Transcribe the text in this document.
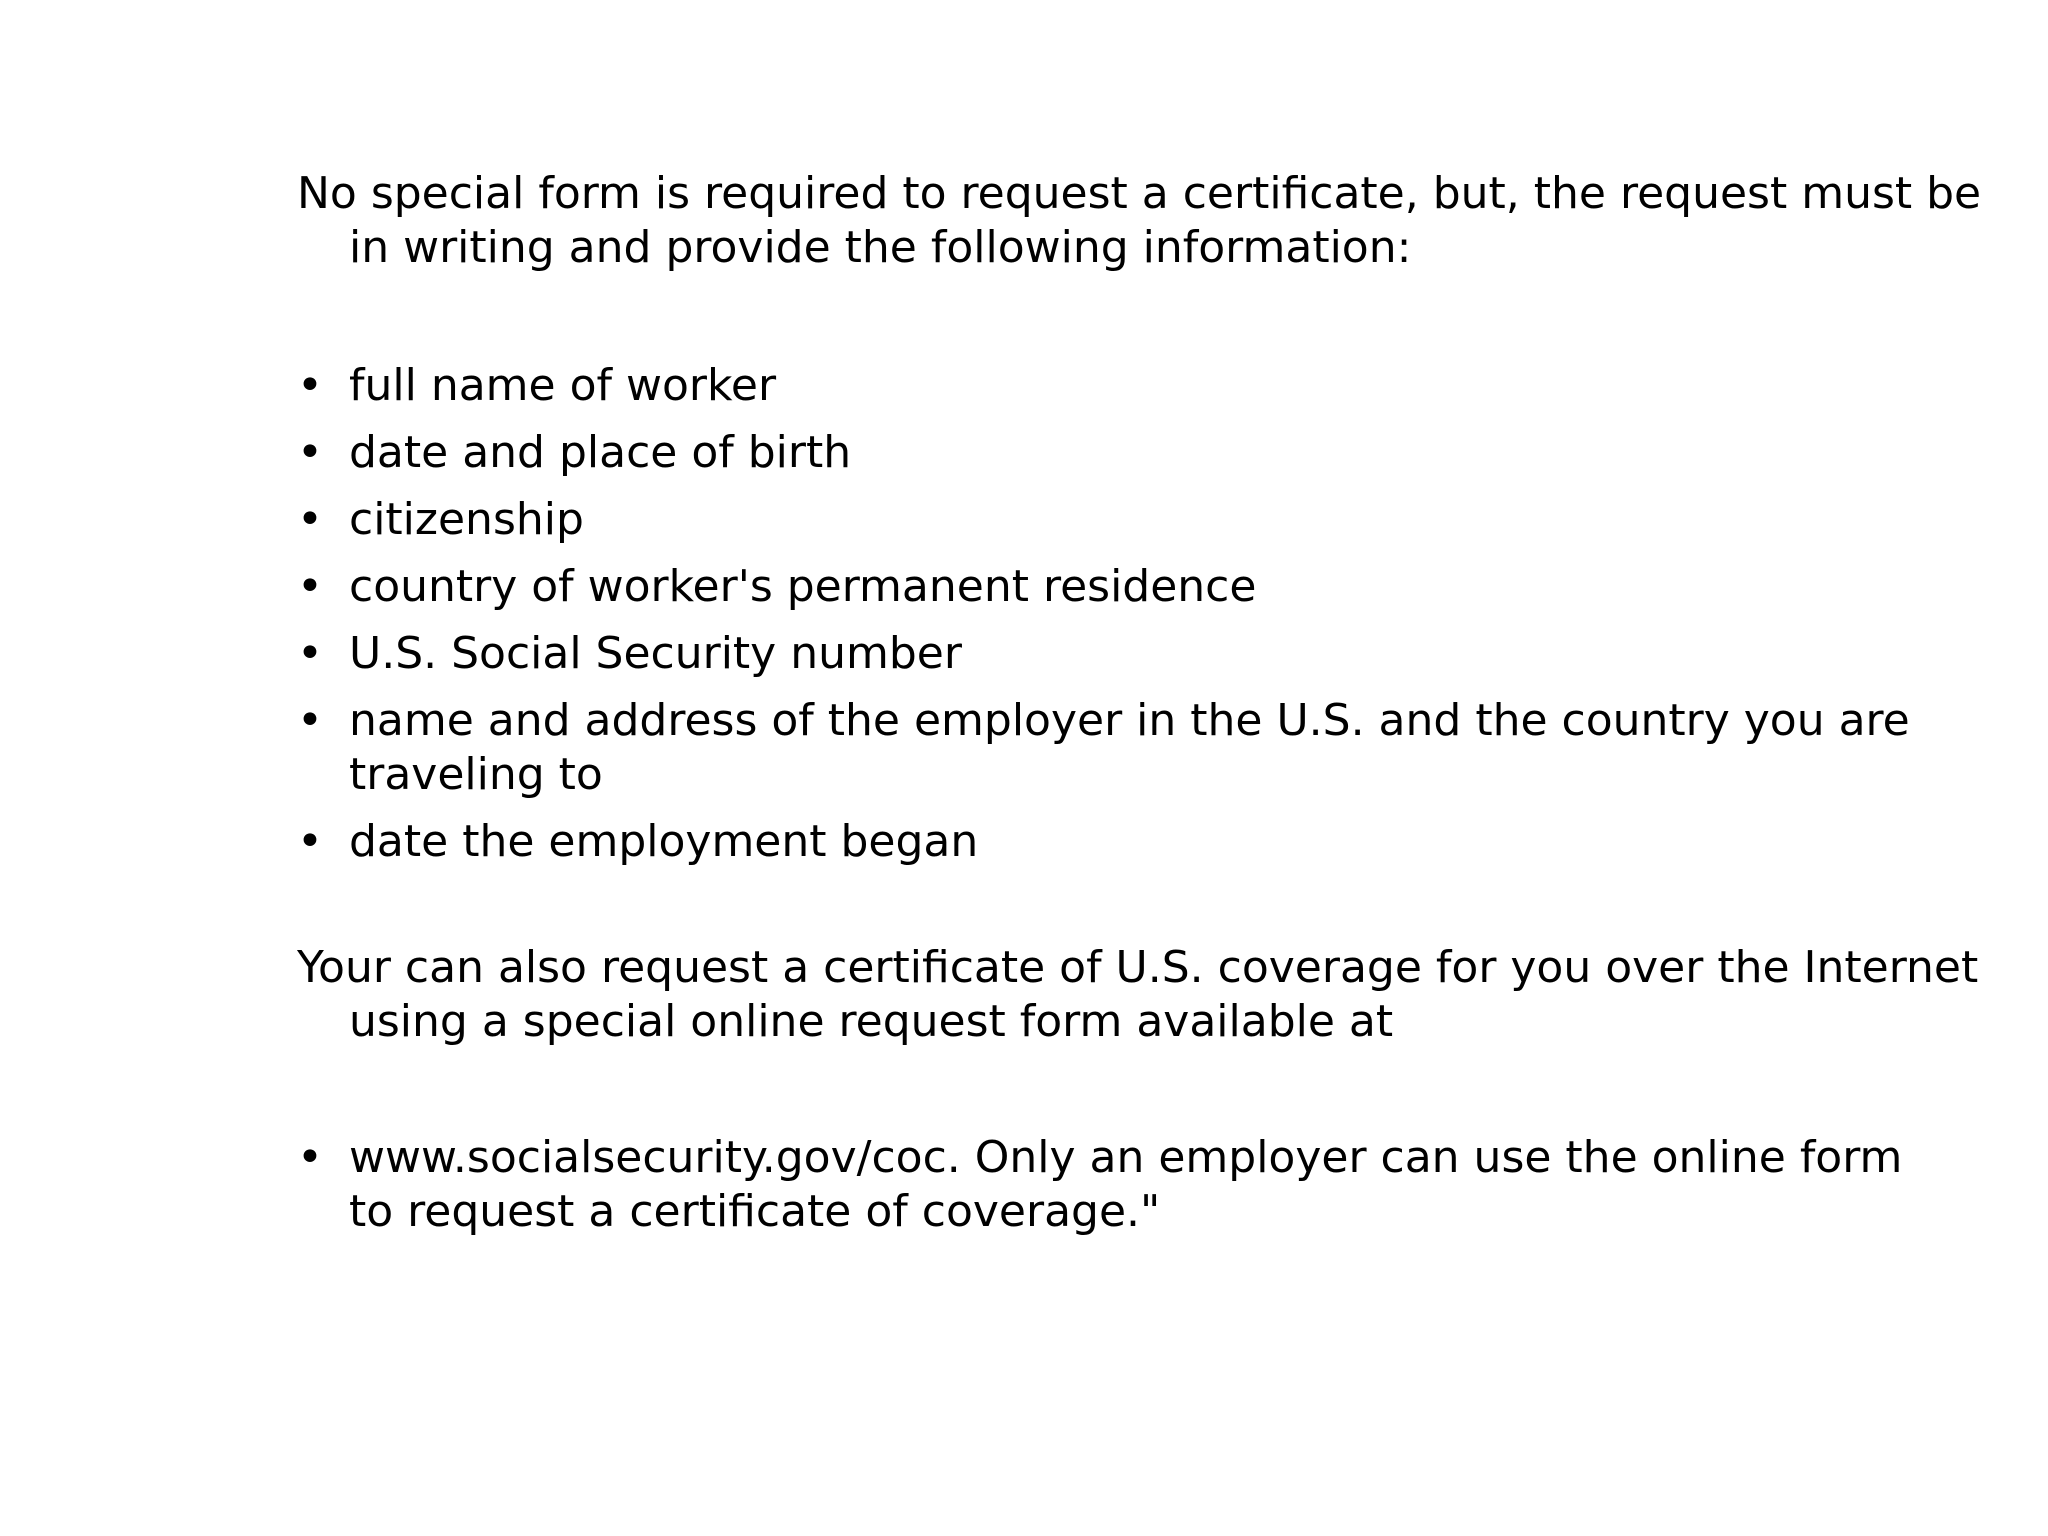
No special form is required to request a certificate, but, the request must be in writing and provide the following information:

• full name of worker
• date and place of birth
• citizenship
• country of worker's permanent residence
• U.S. Social Security number
• name and address of the employer in the U.S. and the country you are traveling to
• date the employment began

Your can also request a certificate of U.S. coverage for you over the Internet using a special online request form available at

• www.socialsecurity.gov/coc. Only an employer can use the online form to request a certificate of coverage."
